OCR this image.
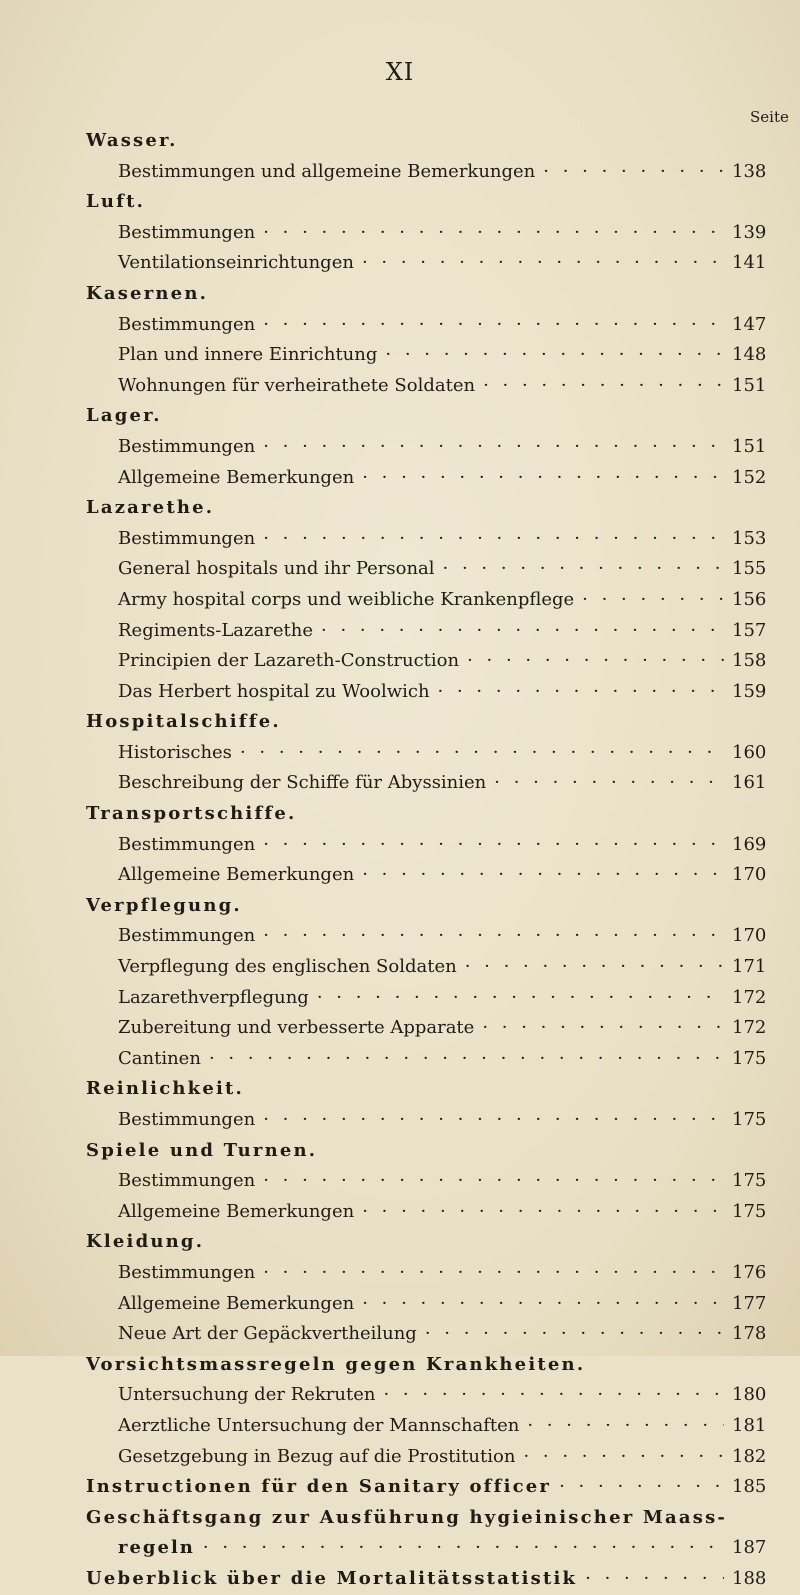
XI
Seite
Wasser.
Bestimmungen und allgemeine Bemerkungen · · ·	138
Luft.
Bestimmungen · · ·	139
Ventilationseinrichtungen · · ·	141
Kasernen.
Bestimmungen · · ·	147
Plan und innere Einrichtung · · ·	148
Wohnungen für verheirathete Soldaten · · ·	151
Lager.
Bestimmungen · · ·	151
Allgemeine Bemerkungen · · ·	152
Lazarethe.
Bestimmungen · · ·	153
General hospitals und ihr Personal · · ·	155
Army hospital corps und weibliche Krankenpflege · · ·	156
Regiments-Lazarethe · · ·	157
Principien der Lazareth-Construction · · ·	158
Das Herbert hospital zu Woolwich · · ·	159
Hospitalschiffe.
Historisches · · ·	160
Beschreibung der Schiffe für Abyssinien · · ·	161
Transportschiffe.
Bestimmungen · · ·	169
Allgemeine Bemerkungen · · ·	170
Verpflegung.
Bestimmungen · · ·	170
Verpflegung des englischen Soldaten · · ·	171
Lazarethverpflegung · · ·	172
Zubereitung und verbesserte Apparate · · ·	172
Cantinen · · ·	175
Reinlichkeit.
Bestimmungen · · ·	175
Spiele und Turnen.
Bestimmungen · · ·	175
Allgemeine Bemerkungen · · ·	175
Kleidung.
Bestimmungen · · ·	176
Allgemeine Bemerkungen · · ·	177
Neue Art der Gepäckvertheilung · · ·	178
Vorsichtsmassregeln gegen Krankheiten.
Untersuchung der Rekruten · · ·	180
Aerztliche Untersuchung der Mannschaften · · ·	181
Gesetzgebung in Bezug auf die Prostitution · · ·	182
Instructionen für den Sanitary officer · · ·	185
Geschäftsgang zur Ausführung hygieinischer Maass-
regeln · · ·	187
Ueberblick über die Mortalitätsstatistik · · ·	188
